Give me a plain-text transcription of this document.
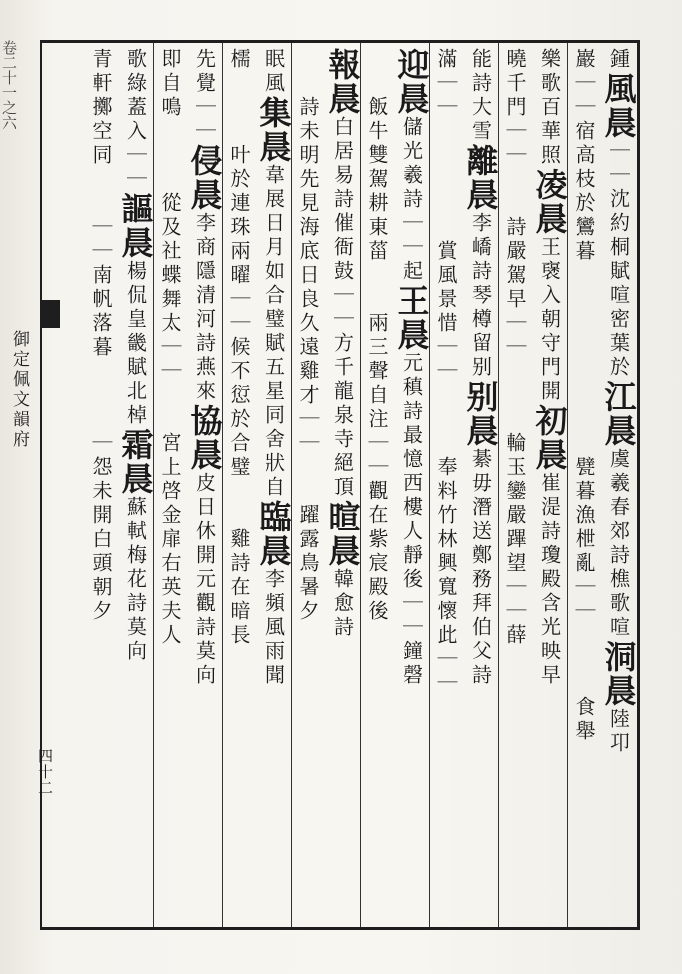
卷二十一之六
御定佩文韻府
四十二
鍾風晨｜｜沈約桐賦喧密葉於江晨虞羲春郊詩樵歌喧洞晨陸卭
巖｜｜宿高枝於鸞暮　　　　　　　　甓暮漁枻亂｜｜　　　食舉
樂歌百華照凌晨王襃入朝守門開初晨崔湜詩瓊殿含光映早
曉千門｜｜　　詩嚴駕早｜｜　　　輪玉鑾嚴蹕望｜｜薛
能詩大雪離晨李嶠詩琴樽留别别晨綦毋潛送鄭務拜伯父詩
滿｜｜　　　　　賞風景惜｜｜　　　奉料竹林興寬懷此｜｜
迎晨儲光羲詩｜｜起王晨元稹詩最憶西樓人靜後｜｜鐘磬
　　飯牛雙駕耕東菑　　兩三聲自注｜｜觀在紫宸殿後
報晨白居易詩催衙鼓｜｜方千龍泉寺絕頂暄晨韓愈詩
　　詩未明先見海底日良久遠雞才｜｜　　躍露鳥暑夕
眠風集晨韋展日月如合璧賦五星同舍狀自臨晨李頻風雨聞
檽　　　叶於連珠兩曜｜｜候不愆於合璧　　雞詩在暗長
先覺｜｜侵晨李商隱清河詩燕來協晨皮日休開元觀詩莫向
即自鳴　　　從及社蝶舞太｜｜　　宮上啓金扉右英夫人
歌綠蓋入｜｜謳晨楊侃皇畿賦北棹霜晨蘇軾梅花詩莫向
青軒擲空同　　｜｜南帆落暮　　　｜怨未開白頭朝夕
